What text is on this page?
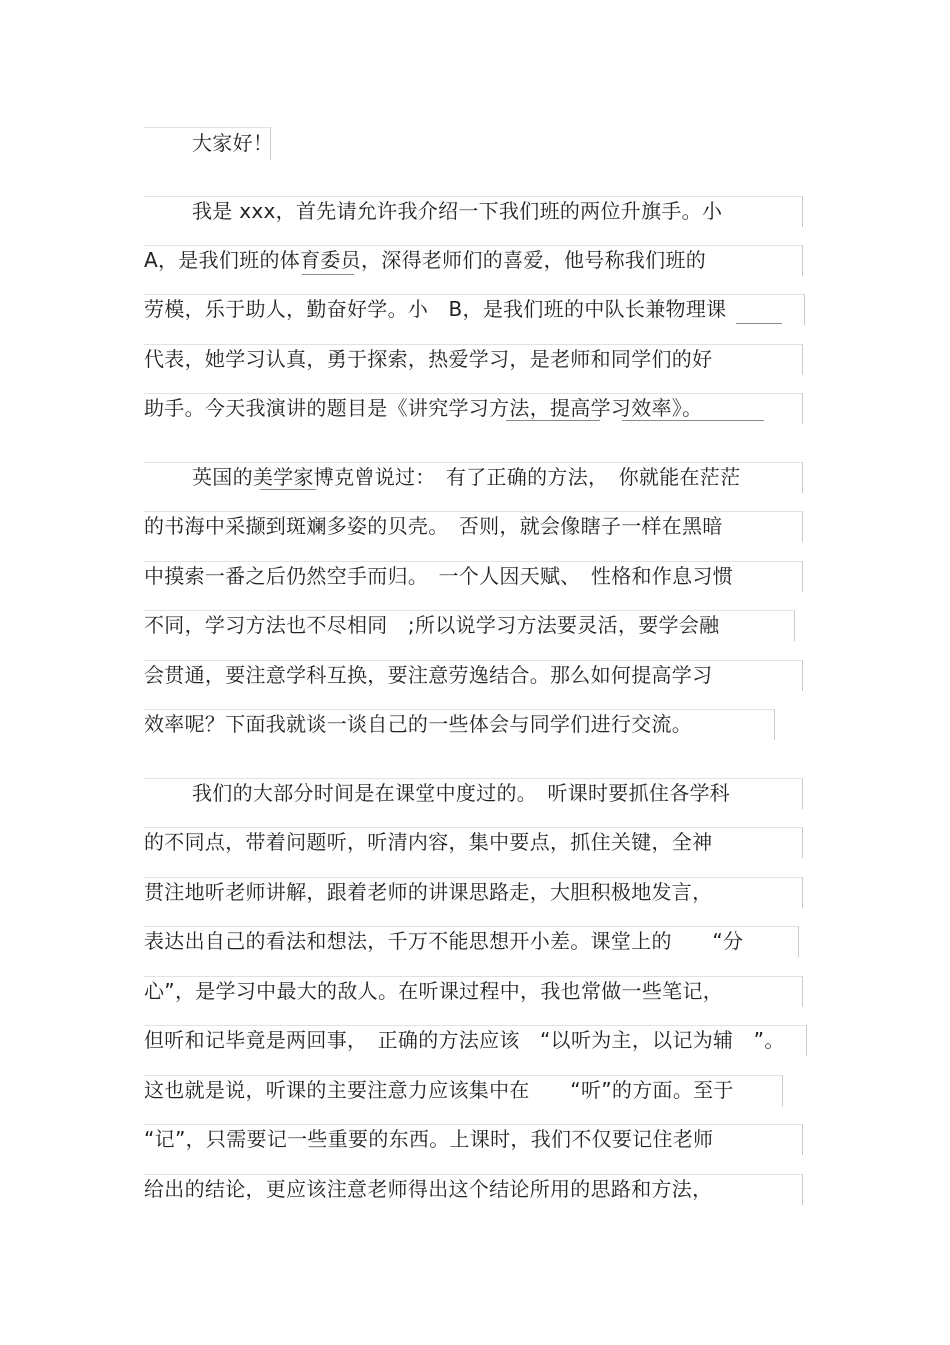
大家好！
我是 xxx，首先请允许我介绍一下我们班的两位升旗手。小
A，是我们班的体育委员，深得老师们的喜爱，他号称我们班的
劳模，乐于助人，勤奋好学。小　B，是我们班的中队长兼物理课
代表，她学习认真，勇于探索，热爱学习，是老师和同学们的好
助手。今天我演讲的题目是《讲究学习方法，提高学习效率》。
英国的美学家博克曾说过：　有了正确的方法，　你就能在茫茫
的书海中采撷到斑斓多姿的贝壳。　否则，就会像瞎子一样在黑暗
中摸索一番之后仍然空手而归。　一个人因天赋、　性格和作息习惯
不同，学习方法也不尽相同　;所以说学习方法要灵活，要学会融
会贯通，要注意学科互换，要注意劳逸结合。那么如何提高学习
效率呢？下面我就谈一谈自己的一些体会与同学们进行交流。
我们的大部分时间是在课堂中度过的。　听课时要抓住各学科
的不同点，带着问题听，听清内容，集中要点，抓住关键，全神
贯注地听老师讲解，跟着老师的讲课思路走，大胆积极地发言，
表达出自己的看法和想法，千万不能思想开小差。课堂上的　　“分
心”，是学习中最大的敌人。在听课过程中，我也常做一些笔记，
但听和记毕竟是两回事，　正确的方法应该　“以听为主，以记为辅　”。
这也就是说，听课的主要注意力应该集中在　　“听”的方面。至于
“记”，只需要记一些重要的东西。上课时，我们不仅要记住老师
给出的结论，更应该注意老师得出这个结论所用的思路和方法，
